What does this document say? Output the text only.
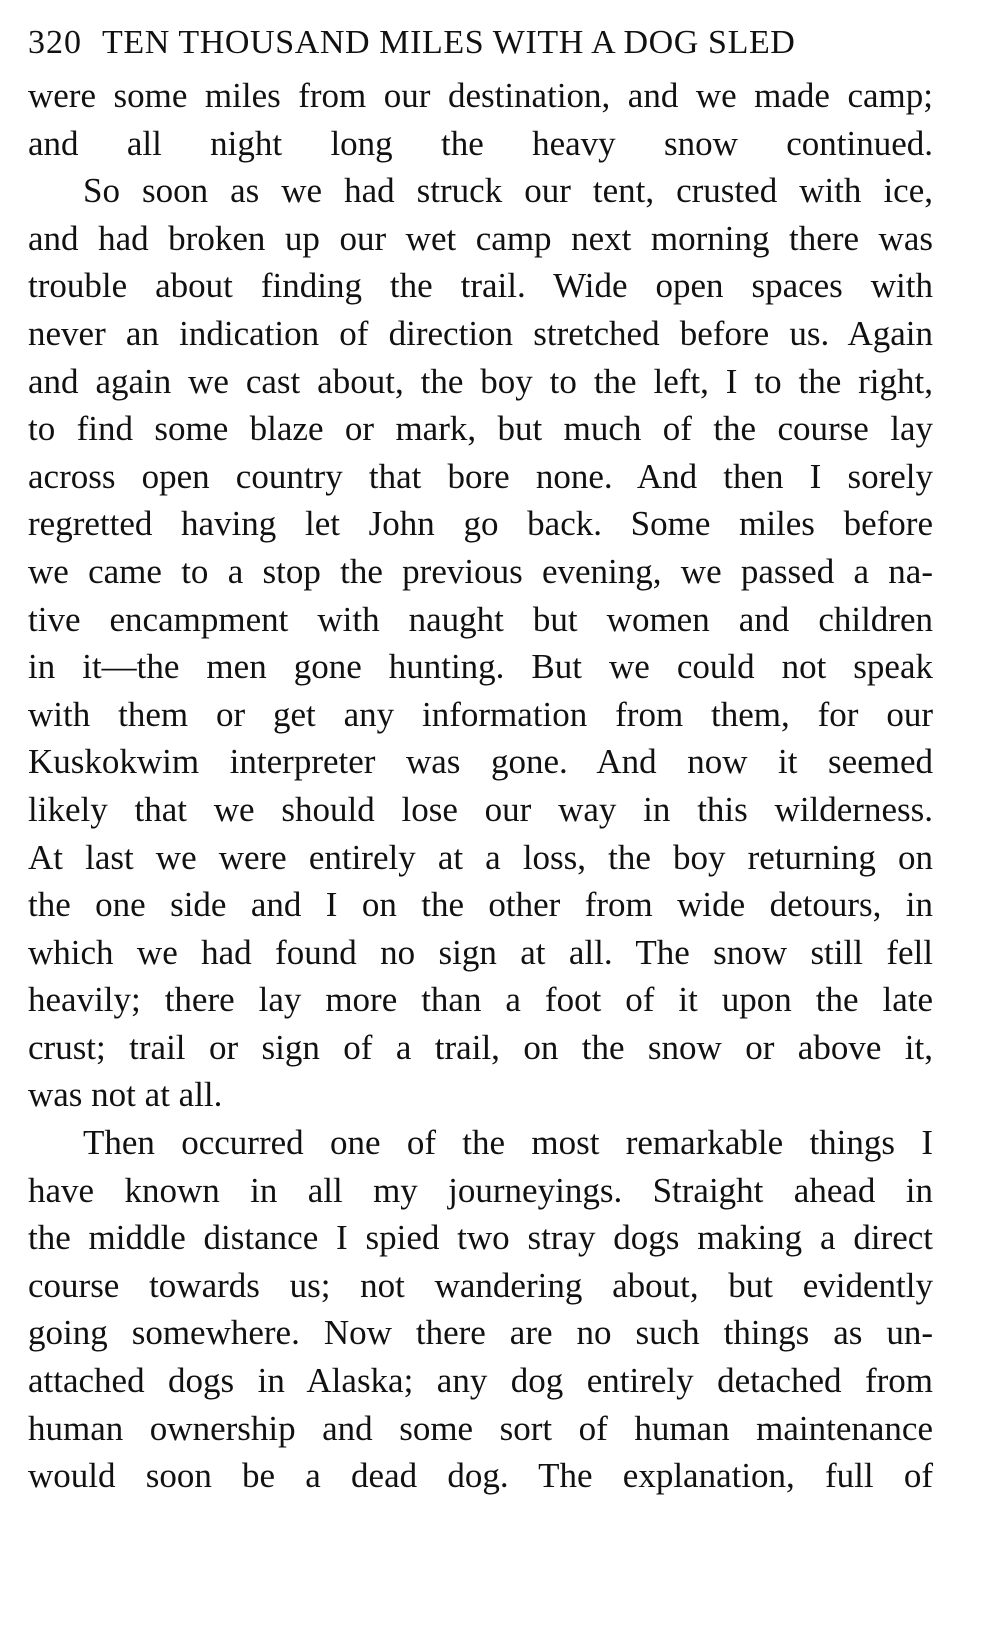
320 TEN THOUSAND MILES WITH A DOG SLED
were some miles from our destination, and we made camp;
and all night long the heavy snow continued.
So soon as we had struck our tent, crusted with ice,
and had broken up our wet camp next morning there was
trouble about finding the trail. Wide open spaces with
never an indication of direction stretched before us. Again
and again we cast about, the boy to the left, I to the right,
to find some blaze or mark, but much of the course lay
across open country that bore none. And then I sorely
regretted having let John go back. Some miles before
we came to a stop the previous evening, we passed a na-
tive encampment with naught but women and children
in it—the men gone hunting. But we could not speak
with them or get any information from them, for our
Kuskokwim interpreter was gone. And now it seemed
likely that we should lose our way in this wilderness.
At last we were entirely at a loss, the boy returning on
the one side and I on the other from wide detours, in
which we had found no sign at all. The snow still fell
heavily; there lay more than a foot of it upon the late
crust; trail or sign of a trail, on the snow or above it,
was not at all.
Then occurred one of the most remarkable things I
have known in all my journeyings. Straight ahead in
the middle distance I spied two stray dogs making a direct
course towards us; not wandering about, but evidently
going somewhere. Now there are no such things as un-
attached dogs in Alaska; any dog entirely detached from
human ownership and some sort of human maintenance
would soon be a dead dog. The explanation, full of
